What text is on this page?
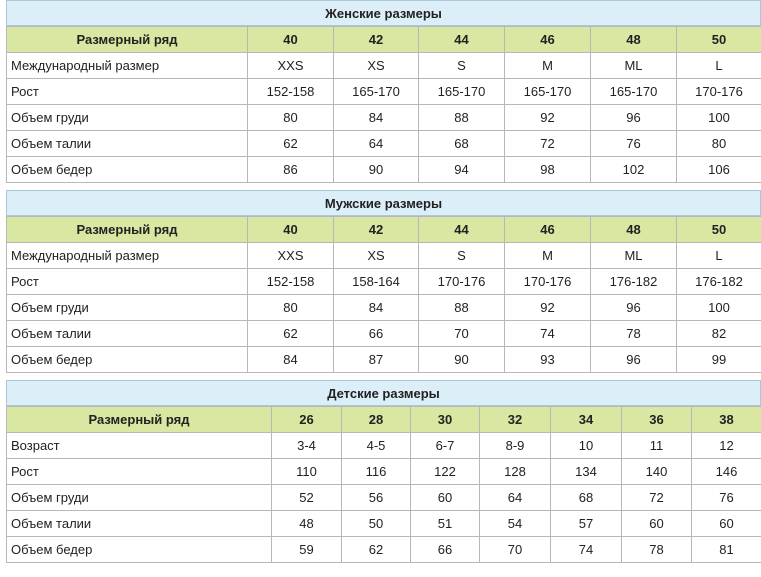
Женские размеры
Размерный ряд	40	42	44	46	48	50
Международный размер	XXS	XS	S	M	ML	L
Рост	152-158	165-170	165-170	165-170	165-170	170-176
Объем груди	80	84	88	92	96	100
Объем талии	62	64	68	72	76	80
Объем бедер	86	90	94	98	102	106
Мужские размеры
Размерный ряд	40	42	44	46	48	50
Международный размер	XXS	XS	S	M	ML	L
Рост	152-158	158-164	170-176	170-176	176-182	176-182
Объем груди	80	84	88	92	96	100
Объем талии	62	66	70	74	78	82
Объем бедер	84	87	90	93	96	99
Детские размеры
Размерный ряд	26	28	30	32	34	36	38
Возраст	3-4	4-5	6-7	8-9	10	11	12
Рост	110	116	122	128	134	140	146
Объем груди	52	56	60	64	68	72	76
Объем талии	48	50	51	54	57	60	60
Объем бедер	59	62	66	70	74	78	81
